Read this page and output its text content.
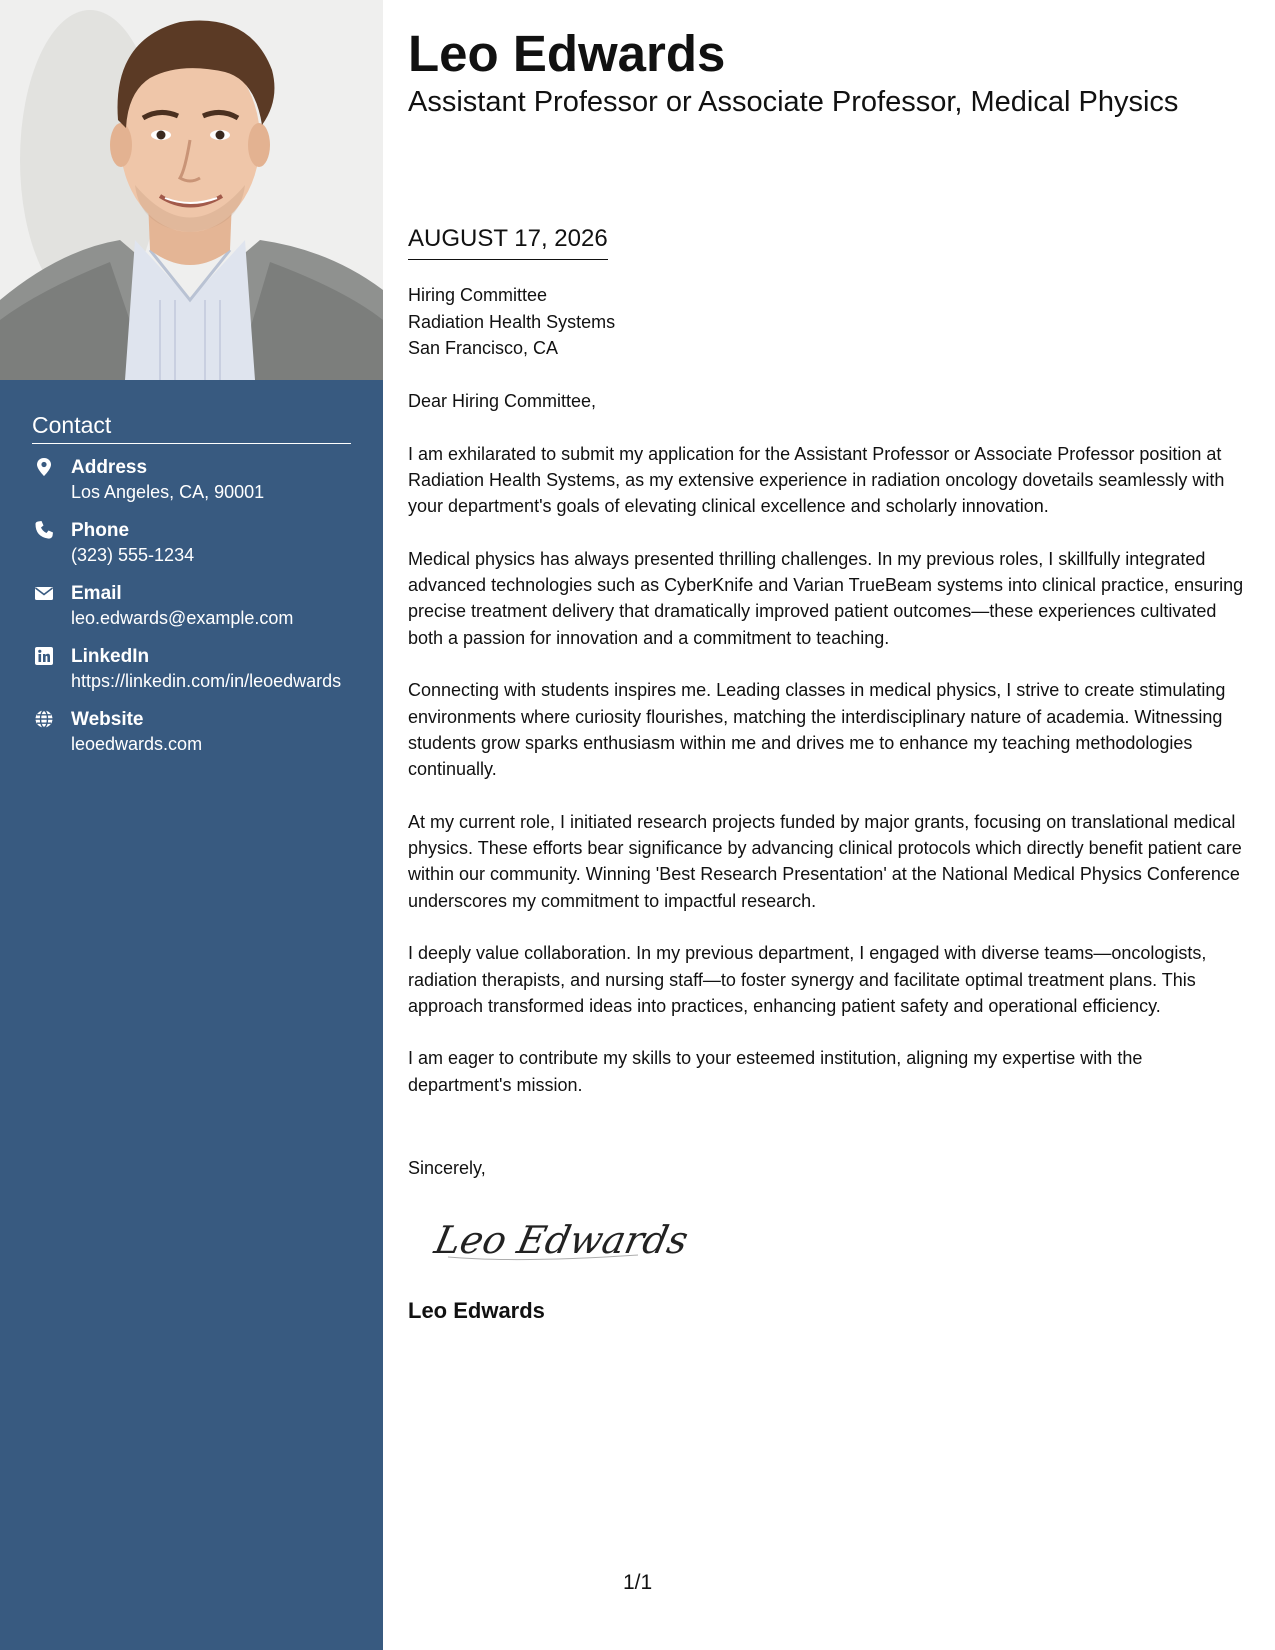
Contact
Address
Los Angeles, CA, 90001
Phone
(323) 555-1234
Email
leo.edwards@example.com
LinkedIn
https://linkedin.com/in/leoedwards
Website
leoedwards.com
Leo Edwards
Assistant Professor or Associate Professor, Medical Physics
AUGUST 17, 2026
Hiring Committee
Radiation Health Systems
San Francisco, CA

Dear Hiring Committee,

I am exhilarated to submit my application for the Assistant Professor or Associate Professor position at Radiation Health Systems, as my extensive experience in radiation oncology dovetails seamlessly with your department's goals of elevating clinical excellence and scholarly innovation.

Medical physics has always presented thrilling challenges. In my previous roles, I skillfully integrated advanced technologies such as CyberKnife and Varian TrueBeam systems into clinical practice, ensuring precise treatment delivery that dramatically improved patient outcomes—these experiences cultivated both a passion for innovation and a commitment to teaching.

Connecting with students inspires me. Leading classes in medical physics, I strive to create stimulating environments where curiosity flourishes, matching the interdisciplinary nature of academia. Witnessing students grow sparks enthusiasm within me and drives me to enhance my teaching methodologies continually.

At my current role, I initiated research projects funded by major grants, focusing on translational medical physics. These efforts bear significance by advancing clinical protocols which directly benefit patient care within our community. Winning 'Best Research Presentation' at the National Medical Physics Conference underscores my commitment to impactful research.

I deeply value collaboration. In my previous department, I engaged with diverse teams—oncologists, radiation therapists, and nursing staff—to foster synergy and facilitate optimal treatment plans. This approach transformed ideas into practices, enhancing patient safety and operational efficiency.

I am eager to contribute my skills to your esteemed institution, aligning my expertise with the department's mission.

Sincerely,
Leo Edwards
Leo Edwards
1/1
